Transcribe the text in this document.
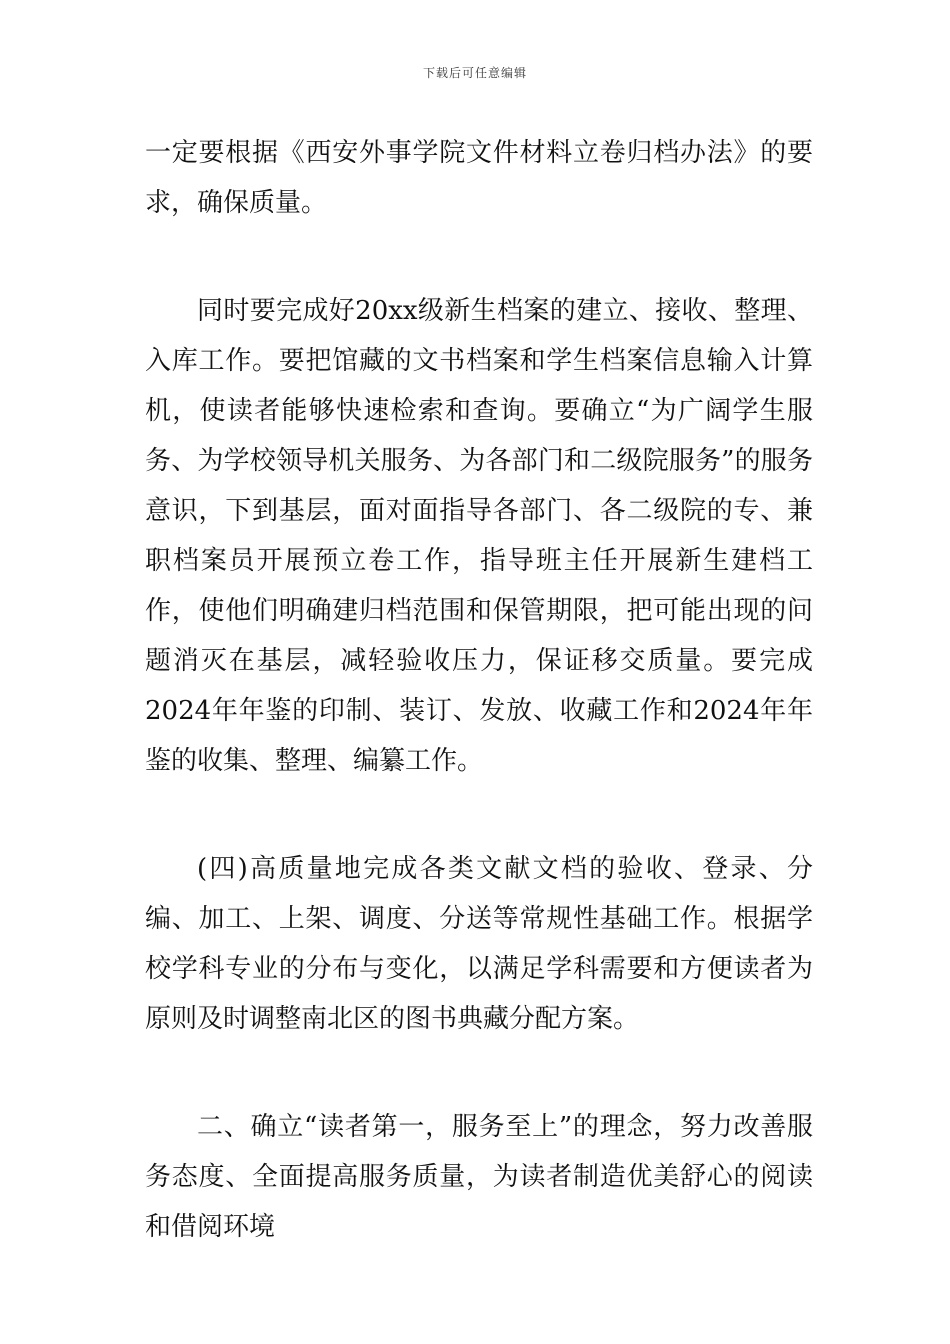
下载后可任意编辑

一定要根据《西安外事学院文件材料立卷归档办法》的要求，确保质量。

同时要完成好20xx级新生档案的建立、接收、整理、入库工作。要把馆藏的文书档案和学生档案信息输入计算机，使读者能够快速检索和查询。要确立“为广阔学生服务、为学校领导机关服务、为各部门和二级院服务”的服务意识，下到基层，面对面指导各部门、各二级院的专、兼职档案员开展预立卷工作，指导班主任开展新生建档工作，使他们明确建归档范围和保管期限，把可能出现的问题消灭在基层，减轻验收压力，保证移交质量。要完成2024年年鉴的印制、装订、发放、收藏工作和2024年年鉴的收集、整理、编纂工作。

(四)高质量地完成各类文献文档的验收、登录、分编、加工、上架、调度、分送等常规性基础工作。根据学校学科专业的分布与变化，以满足学科需要和方便读者为原则及时调整南北区的图书典藏分配方案。

二、确立“读者第一，服务至上”的理念，努力改善服务态度、全面提高服务质量，为读者制造优美舒心的阅读和借阅环境
